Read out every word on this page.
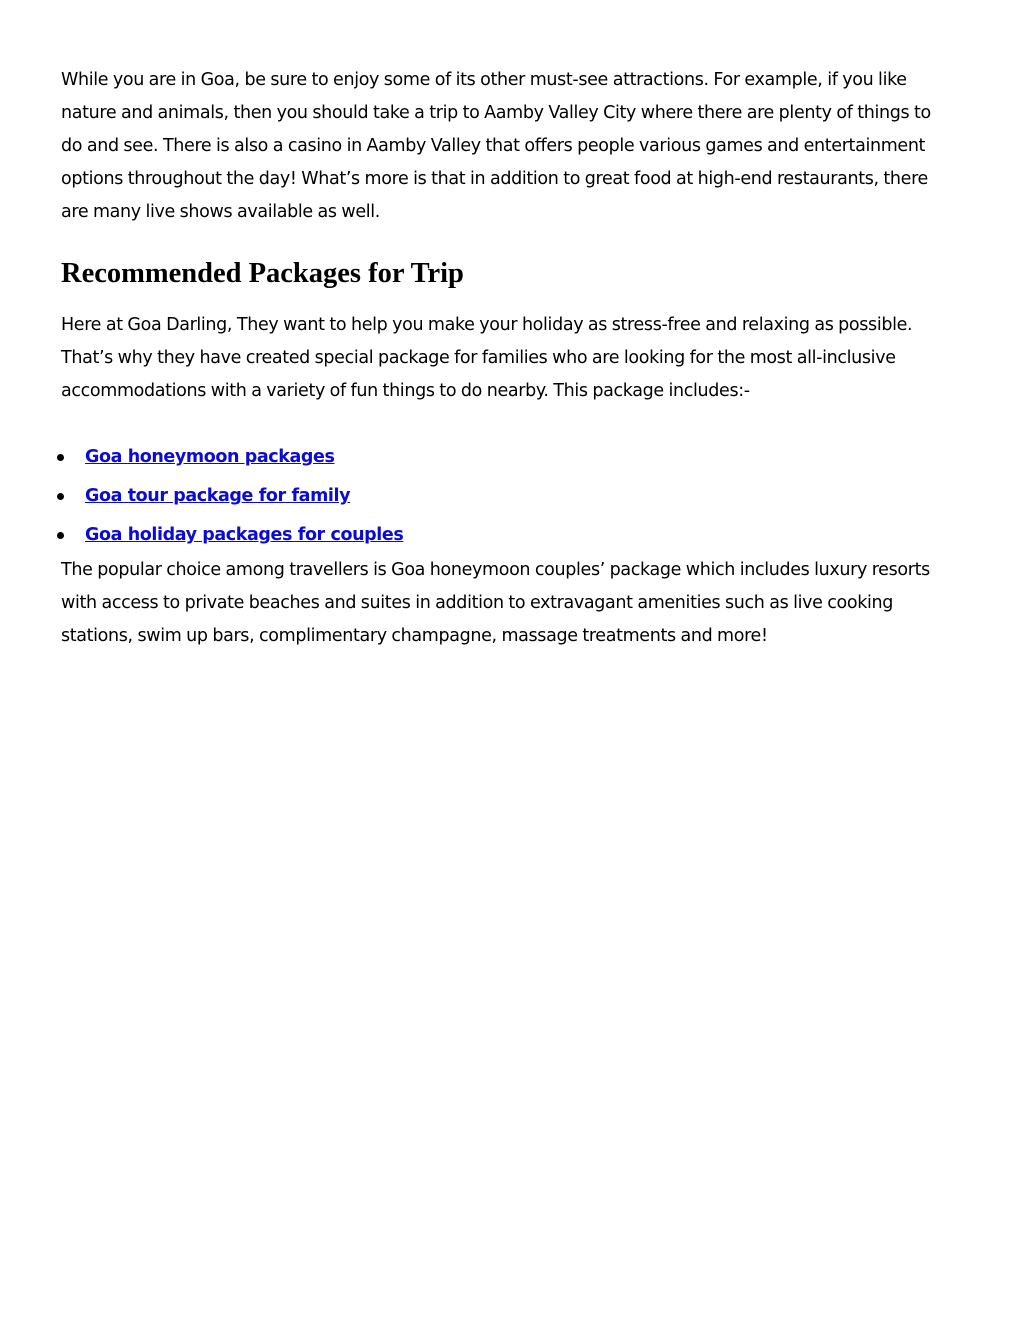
While you are in Goa, be sure to enjoy some of its other must-see attractions. For example, if you like nature and animals, then you should take a trip to Aamby Valley City where there are plenty of things to do and see. There is also a casino in Aamby Valley that offers people various games and entertainment options throughout the day! What’s more is that in addition to great food at high-end restaurants, there are many live shows available as well.

Recommended Packages for Trip

Here at Goa Darling, They want to help you make your holiday as stress-free and relaxing as possible. That’s why they have created special package for families who are looking for the most all-inclusive accommodations with a variety of fun things to do nearby. This package includes:-

Goa honeymoon packages
Goa tour package for family
Goa holiday packages for couples

The popular choice among travellers is Goa honeymoon couples’ package which includes luxury resorts with access to private beaches and suites in addition to extravagant amenities such as live cooking stations, swim up bars, complimentary champagne, massage treatments and more!
